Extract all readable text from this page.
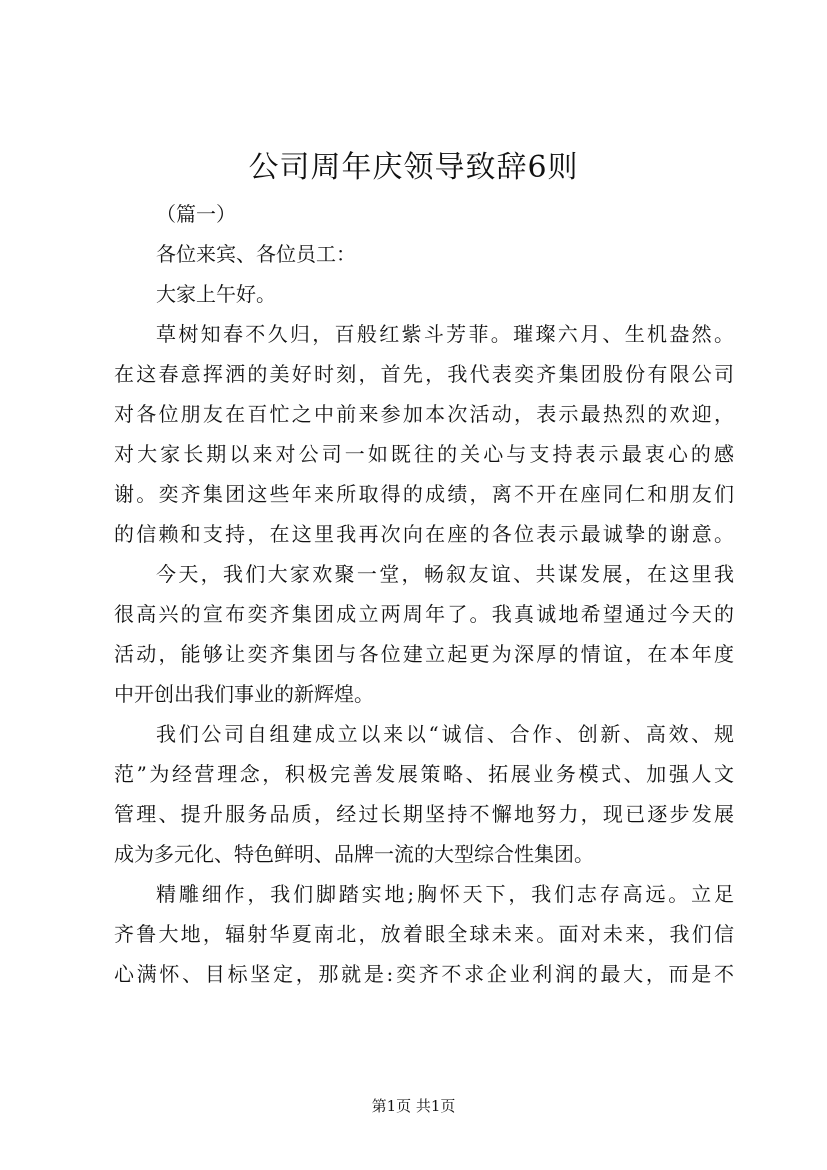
公司周年庆领导致辞6则
（篇一）
各位来宾、各位员工：
大家上午好。
草树知春不久归，百般红紫斗芳菲。璀璨六月、生机盎然。
在这春意挥洒的美好时刻，首先，我代表奕齐集团股份有限公司
对各位朋友在百忙之中前来参加本次活动，表示最热烈的欢迎，
对大家长期以来对公司一如既往的关心与支持表示最衷心的感
谢。奕齐集团这些年来所取得的成绩，离不开在座同仁和朋友们
的信赖和支持，在这里我再次向在座的各位表示最诚挚的谢意。
今天，我们大家欢聚一堂，畅叙友谊、共谋发展，在这里我
很高兴的宣布奕齐集团成立两周年了。我真诚地希望通过今天的
活动，能够让奕齐集团与各位建立起更为深厚的情谊，在本年度
中开创出我们事业的新辉煌。
我们公司自组建成立以来以“诚信、合作、创新、高效、规
范”为经营理念，积极完善发展策略、拓展业务模式、加强人文
管理、提升服务品质，经过长期坚持不懈地努力，现已逐步发展
成为多元化、特色鲜明、品牌一流的大型综合性集团。
精雕细作，我们脚踏实地;胸怀天下，我们志存高远。立足
齐鲁大地，辐射华夏南北，放着眼全球未来。面对未来，我们信
心满怀、目标坚定，那就是:奕齐不求企业利润的最大，而是不
第1页 共1页
